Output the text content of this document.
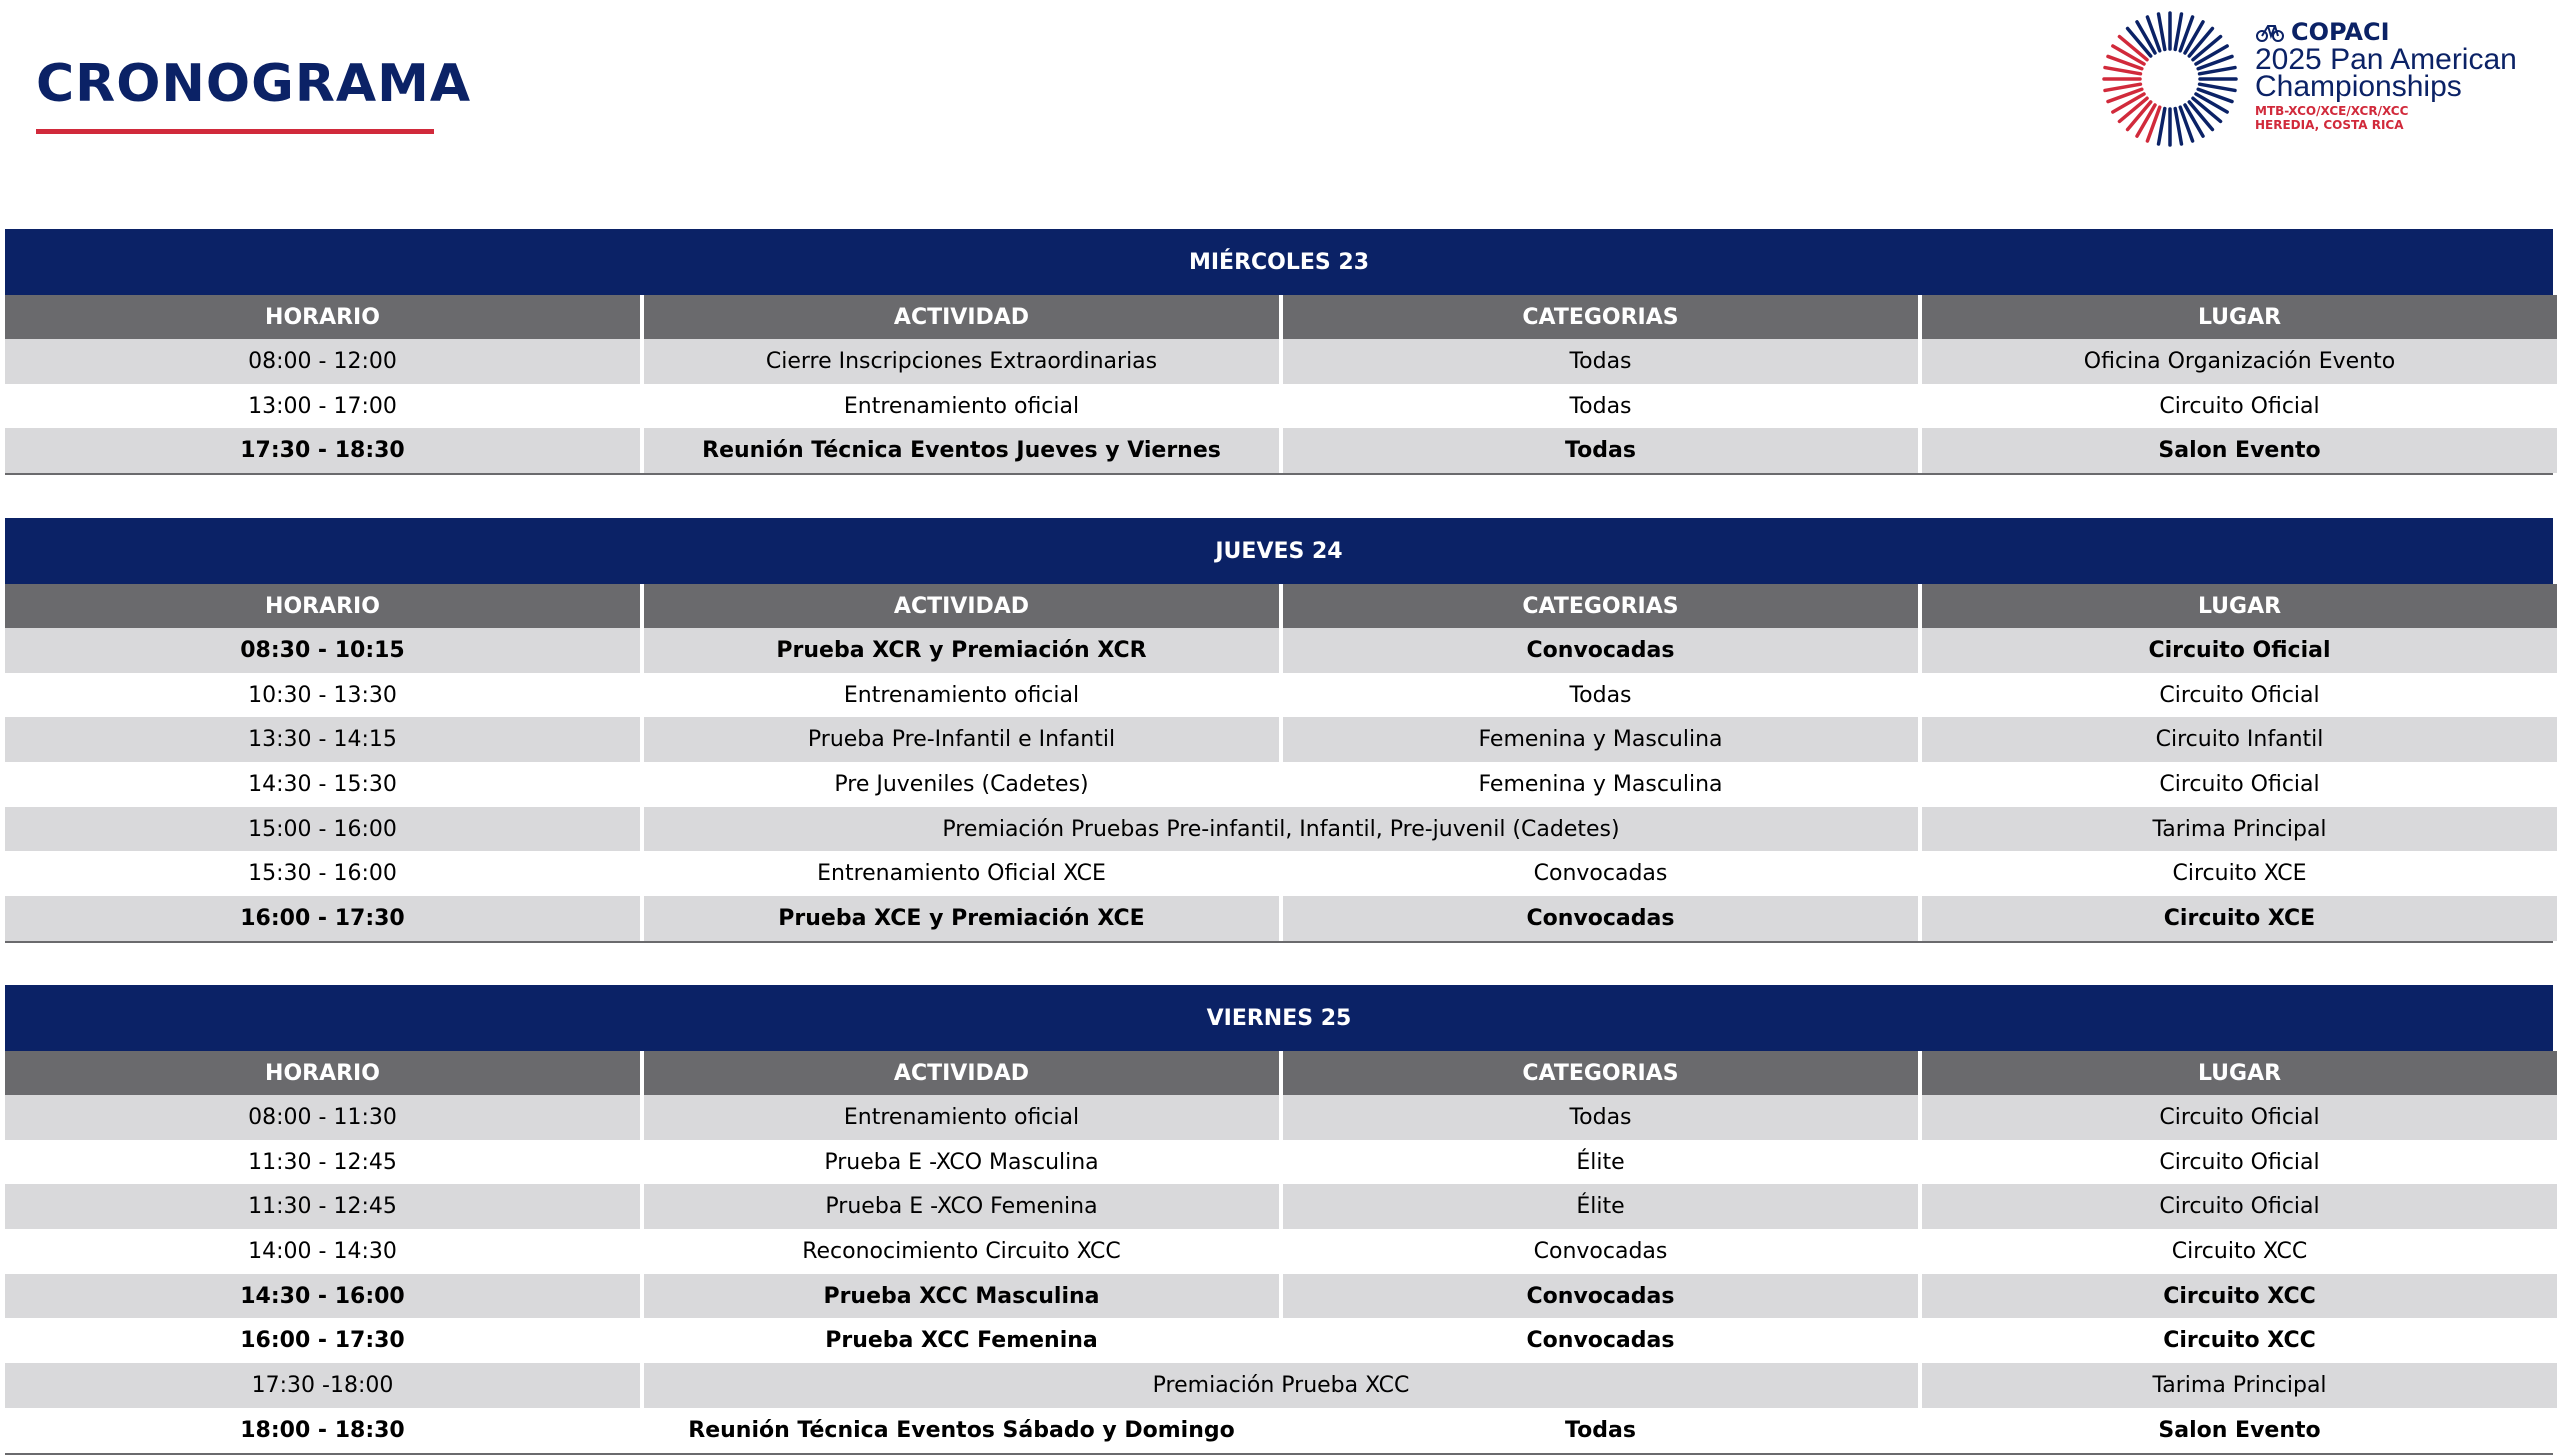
CRONOGRAMA
COPACI
2025 Pan American
Championships
MTB-XCO/XCE/XCR/XCC
HEREDIA, COSTA RICA
MIÉRCOLES 23
HORARIO	ACTIVIDAD	CATEGORIAS	LUGAR
08:00 - 12:00	Cierre Inscripciones Extraordinarias	Todas	Oficina Organización Evento
13:00 - 17:00	Entrenamiento oficial	Todas	Circuito Oficial
17:30 - 18:30	Reunión Técnica Eventos Jueves y Viernes	Todas	Salon Evento
JUEVES 24
HORARIO	ACTIVIDAD	CATEGORIAS	LUGAR
08:30 - 10:15	Prueba XCR y Premiación XCR	Convocadas	Circuito Oficial
10:30 - 13:30	Entrenamiento oficial	Todas	Circuito Oficial
13:30 - 14:15	Prueba Pre-Infantil e Infantil	Femenina y Masculina	Circuito Infantil
14:30 - 15:30	Pre Juveniles (Cadetes)	Femenina y Masculina	Circuito Oficial
15:00 - 16:00	Premiación Pruebas Pre-infantil, Infantil, Pre-juvenil (Cadetes)	Tarima Principal
15:30 - 16:00	Entrenamiento Oficial XCE	Convocadas	Circuito XCE
16:00 - 17:30	Prueba XCE y Premiación XCE	Convocadas	Circuito XCE
VIERNES 25
HORARIO	ACTIVIDAD	CATEGORIAS	LUGAR
08:00 - 11:30	Entrenamiento oficial	Todas	Circuito Oficial
11:30 - 12:45	Prueba E -XCO Masculina	Élite	Circuito Oficial
11:30 - 12:45	Prueba E -XCO Femenina	Élite	Circuito Oficial
14:00 - 14:30	Reconocimiento Circuito XCC	Convocadas	Circuito XCC
14:30 - 16:00	Prueba XCC Masculina	Convocadas	Circuito XCC
16:00 - 17:30	Prueba XCC Femenina	Convocadas	Circuito XCC
17:30 -18:00	Premiación Prueba XCC	Tarima Principal
18:00 - 18:30	Reunión Técnica Eventos Sábado y Domingo	Todas	Salon Evento
